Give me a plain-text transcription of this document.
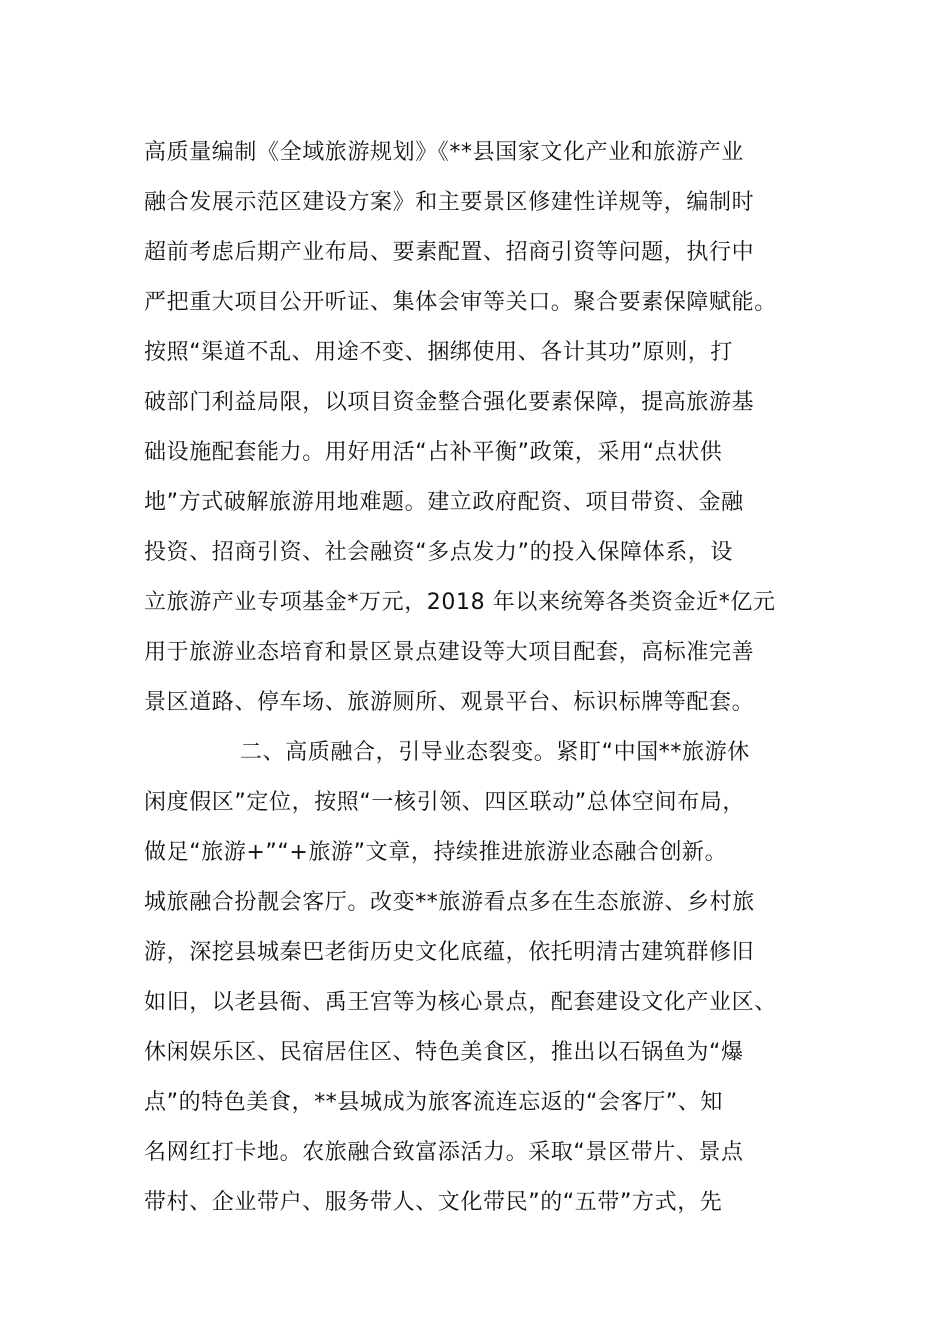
高质量编制《全域旅游规划》《**县国家文化产业和旅游产业
融合发展示范区建设方案》和主要景区修建性详规等，编制时
超前考虑后期产业布局、要素配置、招商引资等问题，执行中
严把重大项目公开听证、集体会审等关口。聚合要素保障赋能。
按照“渠道不乱、用途不变、捆绑使用、各计其功”原则，打
破部门利益局限，以项目资金整合强化要素保障，提高旅游基
础设施配套能力。用好用活“占补平衡”政策，采用“点状供
地”方式破解旅游用地难题。建立政府配资、项目带资、金融
投资、招商引资、社会融资“多点发力”的投入保障体系，设
立旅游产业专项基金*万元，2018 年以来统筹各类资金近*亿元
用于旅游业态培育和景区景点建设等大项目配套，高标准完善
景区道路、停车场、旅游厕所、观景平台、标识标牌等配套。
二、高质融合，引导业态裂变。紧盯“中国**旅游休
闲度假区”定位，按照“一核引领、四区联动”总体空间布局，
做足“旅游+”“+旅游”文章，持续推进旅游业态融合创新。
城旅融合扮靓会客厅。改变**旅游看点多在生态旅游、乡村旅
游，深挖县城秦巴老街历史文化底蕴，依托明清古建筑群修旧
如旧，以老县衙、禹王宫等为核心景点，配套建设文化产业区、
休闲娱乐区、民宿居住区、特色美食区，推出以石锅鱼为“爆
点”的特色美食，**县城成为旅客流连忘返的“会客厅”、知
名网红打卡地。农旅融合致富添活力。采取“景区带片、景点
带村、企业带户、服务带人、文化带民”的“五带”方式，先
